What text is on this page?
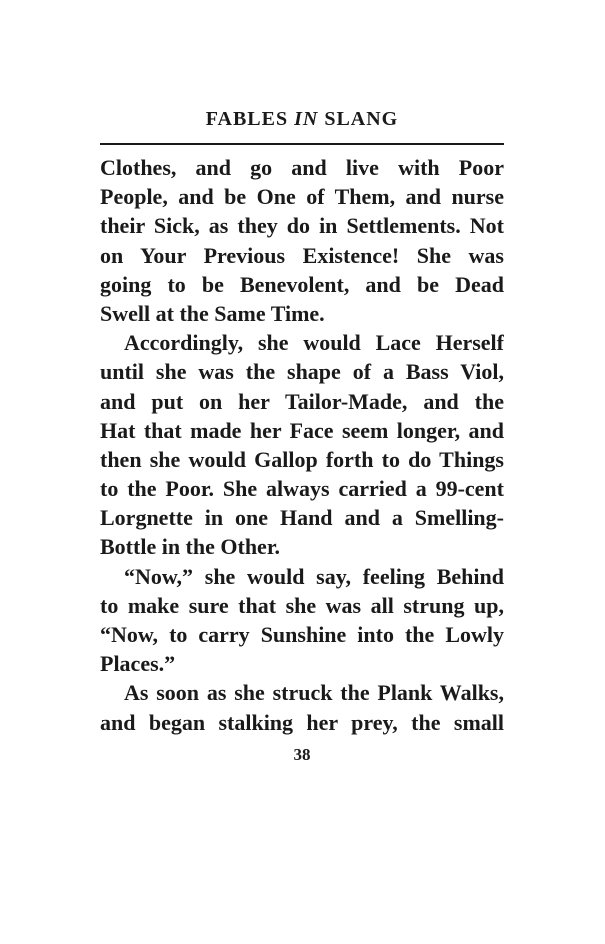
FABLES IN SLANG
Clothes, and go and live with Poor
People, and be One of Them, and nurse
their Sick, as they do in Settlements. Not
on Your Previous Existence! She was
going to be Benevolent, and be Dead
Swell at the Same Time.
Accordingly, she would Lace Herself
until she was the shape of a Bass Viol,
and put on her Tailor-Made, and the
Hat that made her Face seem longer, and
then she would Gallop forth to do Things
to the Poor. She always carried a 99-cent
Lorgnette in one Hand and a Smelling-
Bottle in the Other.
“Now,” she would say, feeling Behind
to make sure that she was all strung up,
“Now, to carry Sunshine into the Lowly
Places.”
As soon as she struck the Plank Walks,
and began stalking her prey, the small
38
